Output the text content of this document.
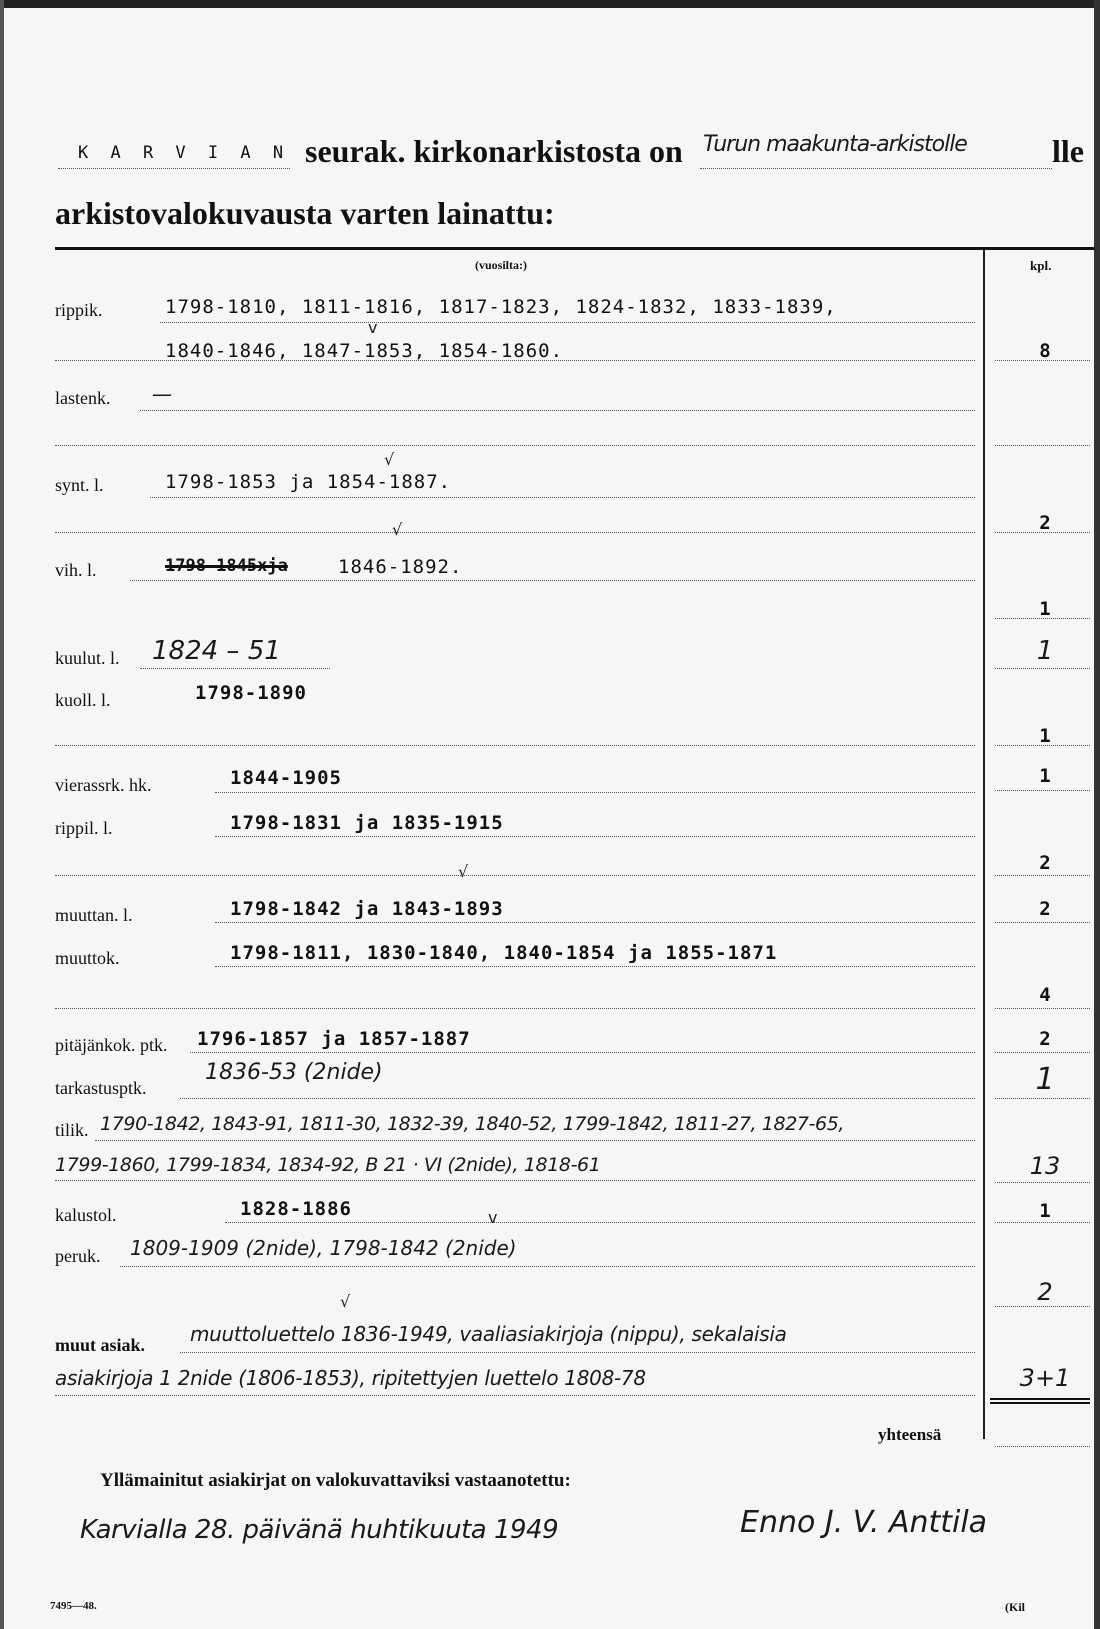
K A R V I A N seurak. kirkonarkistosta on Turun maakunta-arkistolle	lle
arkistovalokuvausta varten lainattu:
(vuosilta:)	kpl.
rippik.	1798-1810, 1811-1816, 1817-1823, 1824-1832, 1833-1839,
1840-1846, 1847-1853, 1854-1860.	8
v
lastenk. —
√
synt. l.	1798-1853 ja 1854-1887.
2
√
vih. l.	1798-1845xja	1846-1892.
1
kuulut. l. 1824 – 51	1
kuoll. l.	1798-1890
1
vierassrk. hk.	1844-1905	1
rippil. l.	1798-1831 ja 1835-1915
2
√
muuttan. l.	1798-1842 ja 1843-1893	2
muuttok.	1798-1811, 1830-1840, 1840-1854 ja 1855-1871
4
pitäjänkok. ptk. 1796-1857 ja 1857-1887	2
tarkastusptk.
1836-53 (2nide)	1
tilik. 1790-1842, 1843-91, 1811-30, 1832-39, 1840-52, 1799-1842, 1811-27, 1827-65,
1799-1860, 1799-1834, 1834-92, B 21 · VI (2nide), 1818-61	13
kalustol.	1828-1886	1
v
peruk. 1809-1909 (2nide), 1798-1842 (2nide)
2
√
muut asiak. muuttoluettelo 1836-1949, vaaliasiakirjoja (nippu), sekalaisia
asiakirjoja 1 2nide (1806-1853), ripitettyjen luettelo 1808-78	3+1
yhteensä
Yllämainitut asiakirjat on valokuvattaviksi vastaanotettu:
Karvialla 28. päivänä huhtikuuta 1949	Enno J. V. Anttila
7495—48.	(Kil
